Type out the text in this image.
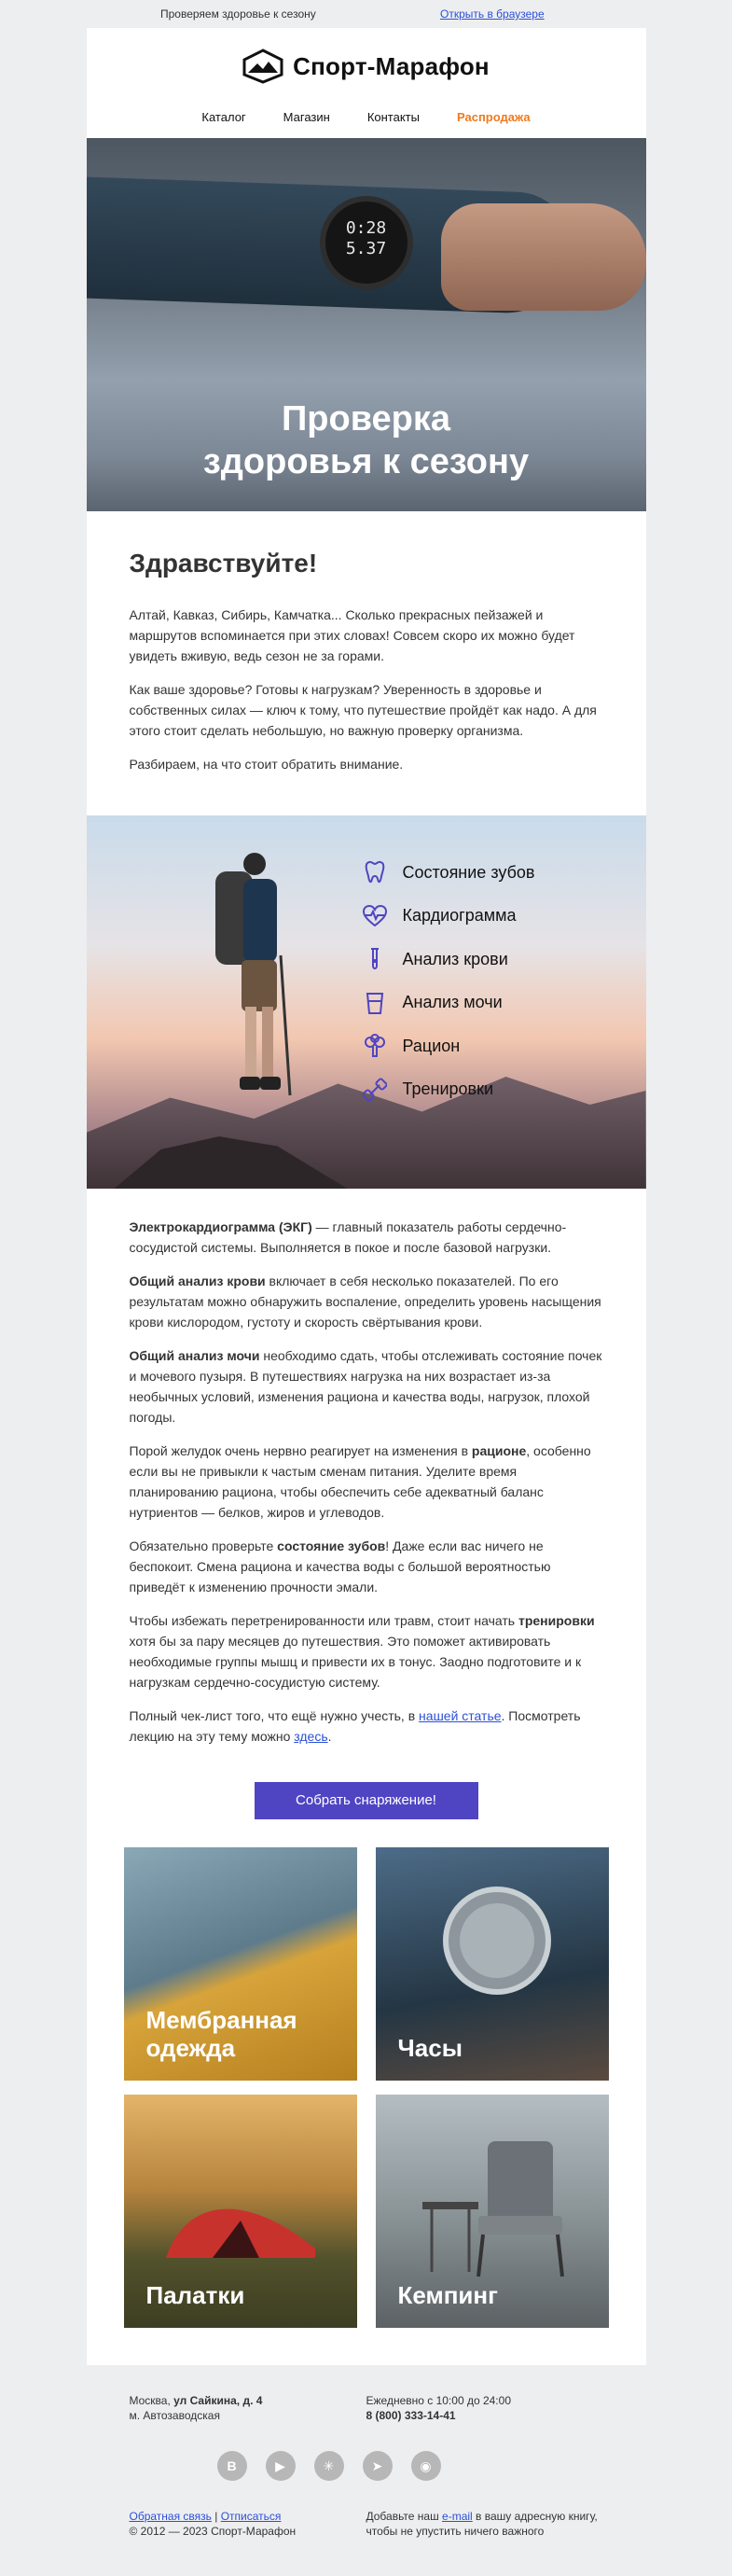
Проверяем здоровье к сезону	Открыть в браузере
Спорт-Марафон
Каталог	Магазин	Контакты	Распродажа
0:28
5.37
Проверка
здоровья к сезону
Здравствуйте!

Алтай, Кавказ, Сибирь, Камчатка... Сколько прекрасных пейзажей и маршрутов вспоминается при этих словах! Совсем скоро их можно будет увидеть вживую, ведь сезон не за горами.

Как ваше здоровье? Готовы к нагрузкам? Уверенность в здоровье и собственных силах — ключ к тому, что путешествие пройдёт как надо. А для этого стоит сделать небольшую, но важную проверку организма.

Разбираем, на что стоит обратить внимание.

Состояние зубов
Кардиограмма
Анализ крови
Анализ мочи
Рацион
Тренировки

Электрокардиограмма (ЭКГ) — главный показатель работы сердечно-сосудистой системы. Выполняется в покое и после базовой нагрузки.

Общий анализ крови включает в себя несколько показателей. По его результатам можно обнаружить воспаление, определить уровень насыщения крови кислородом, густоту и скорость свёртывания крови.

Общий анализ мочи необходимо сдать, чтобы отслеживать состояние почек и мочевого пузыря. В путешествиях нагрузка на них возрастает из-за необычных условий, изменения рациона и качества воды, нагрузок, плохой погоды.

Порой желудок очень нервно реагирует на изменения в рационе, особенно если вы не привыкли к частым сменам питания. Уделите время планированию рациона, чтобы обеспечить себе адекватный баланс нутриентов — белков, жиров и углеводов.

Обязательно проверьте состояние зубов! Даже если вас ничего не беспокоит. Смена рациона и качества воды с большой вероятностью приведёт к изменению прочности эмали.

Чтобы избежать перетренированности или травм, стоит начать тренировки хотя бы за пару месяцев до путешествия. Это поможет активировать необходимые группы мышц и привести их в тонус. Заодно подготовите и к нагрузкам сердечно-сосудистую систему.

Полный чек-лист того, что ещё нужно учесть, в нашей статье. Посмотреть лекцию на эту тему можно здесь.

Собрать снаряжение!
Мембранная
одежда	Часы
Палатки	Кемпинг
Москва, ул Сайкина, д. 4
м. Автозаводская
Ежедневно с 10:00 до 24:00
8 (800) 333-14-41
В	▶	✳	➤	◉
Обратная связь | Отписаться
© 2012 — 2023 Спорт-Марафон
Добавьте наш e-mail в вашу адресную книгу, чтобы не упустить ничего важного
